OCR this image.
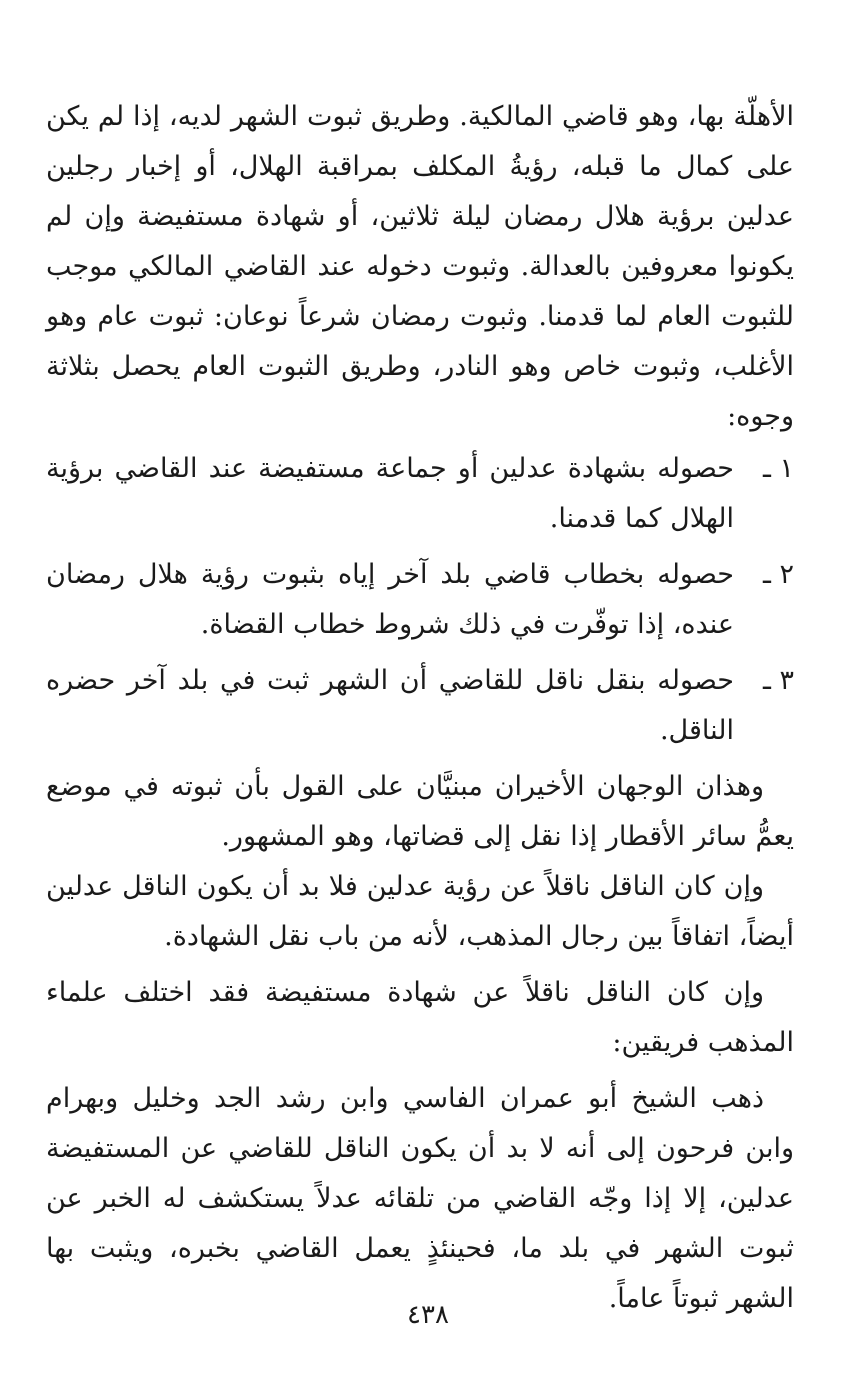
الأهلّة بها، وهو قاضي المالكية. وطريق ثبوت الشهر لديه، إذا لم يكن على كمال ما قبله، رؤيةُ المكلف بمراقبة الهلال، أو إخبار رجلين عدلين برؤية هلال رمضان ليلة ثلاثين، أو شهادة مستفيضة وإن لم يكونوا معروفين بالعدالة. وثبوت دخوله عند القاضي المالكي موجب للثبوت العام لما قدمنا. وثبوت رمضان شرعاً نوعان: ثبوت عام وهو الأغلب، وثبوت خاص وهو النادر، وطريق الثبوت العام يحصل بثلاثة وجوه:

١ ـ
حصوله بشهادة عدلين أو جماعة مستفيضة عند القاضي برؤية الهلال كما قدمنا.
٢ ـ
حصوله بخطاب قاضي بلد آخر إياه بثبوت رؤية هلال رمضان عنده، إذا توفّرت في ذلك شروط خطاب القضاة.
٣ ـ
حصوله بنقل ناقل للقاضي أن الشهر ثبت في بلد آخر حضره الناقل.

وهذان الوجهان الأخيران مبنيَّان على القول بأن ثبوته في موضع يعمُّ سائر الأقطار إذا نقل إلى قضاتها، وهو المشهور.

وإن كان الناقل ناقلاً عن رؤية عدلين فلا بد أن يكون الناقل عدلين أيضاً، اتفاقاً بين رجال المذهب، لأنه من باب نقل الشهادة.

وإن كان الناقل ناقلاً عن شهادة مستفيضة فقد اختلف علماء المذهب فريقين:

ذهب الشيخ أبو عمران الفاسي وابن رشد الجد وخليل وبهرام وابن فرحون إلى أنه لا بد أن يكون الناقل للقاضي عن المستفيضة عدلين، إلا إذا وجّه القاضي من تلقائه عدلاً يستكشف له الخبر عن ثبوت الشهر في بلد ما، فحينئذٍ يعمل القاضي بخبره، ويثبت بها الشهر ثبوتاً عاماً.

٤٣٨
